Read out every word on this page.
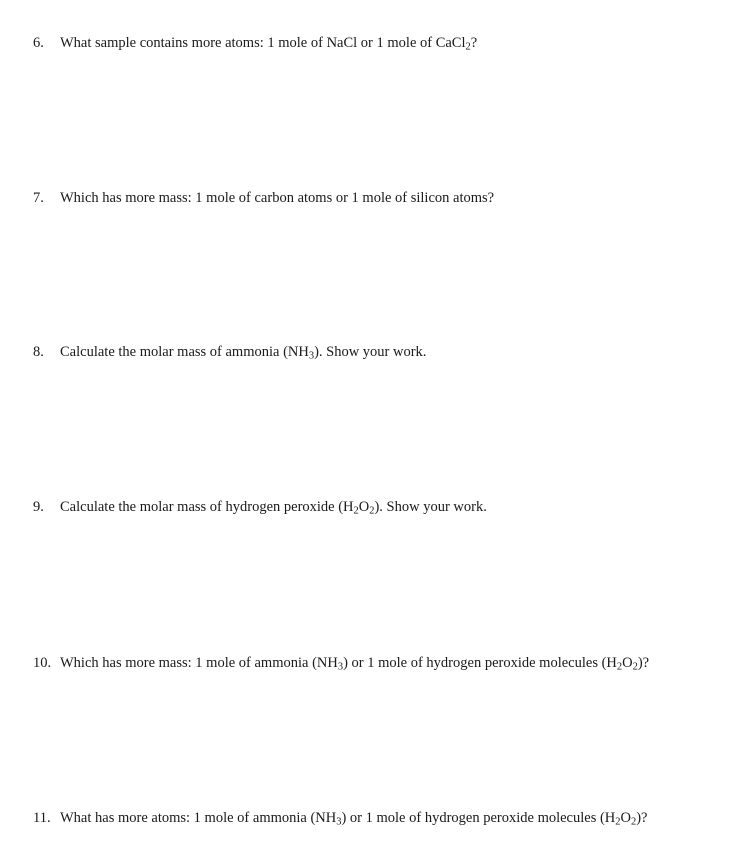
6.	What sample contains more atoms: 1 mole of NaCl or 1 mole of CaCl$_2$?
7.	Which has more mass: 1 mole of carbon atoms or 1 mole of silicon atoms?
8.	Calculate the molar mass of ammonia $(NH_3)$. Show your work.
9.	Calculate the molar mass of hydrogen peroxide $(H_2O_2)$. Show your work.
10. Which has more mass: 1 mole of ammonia $(NH_3)$ or 1 mole of hydrogen peroxide molecules $(H_2O_2)$?
11. What has more atoms: 1 mole of ammonia $(NH_3)$ or 1 mole of hydrogen peroxide molecules $(H_2O_2)$?
